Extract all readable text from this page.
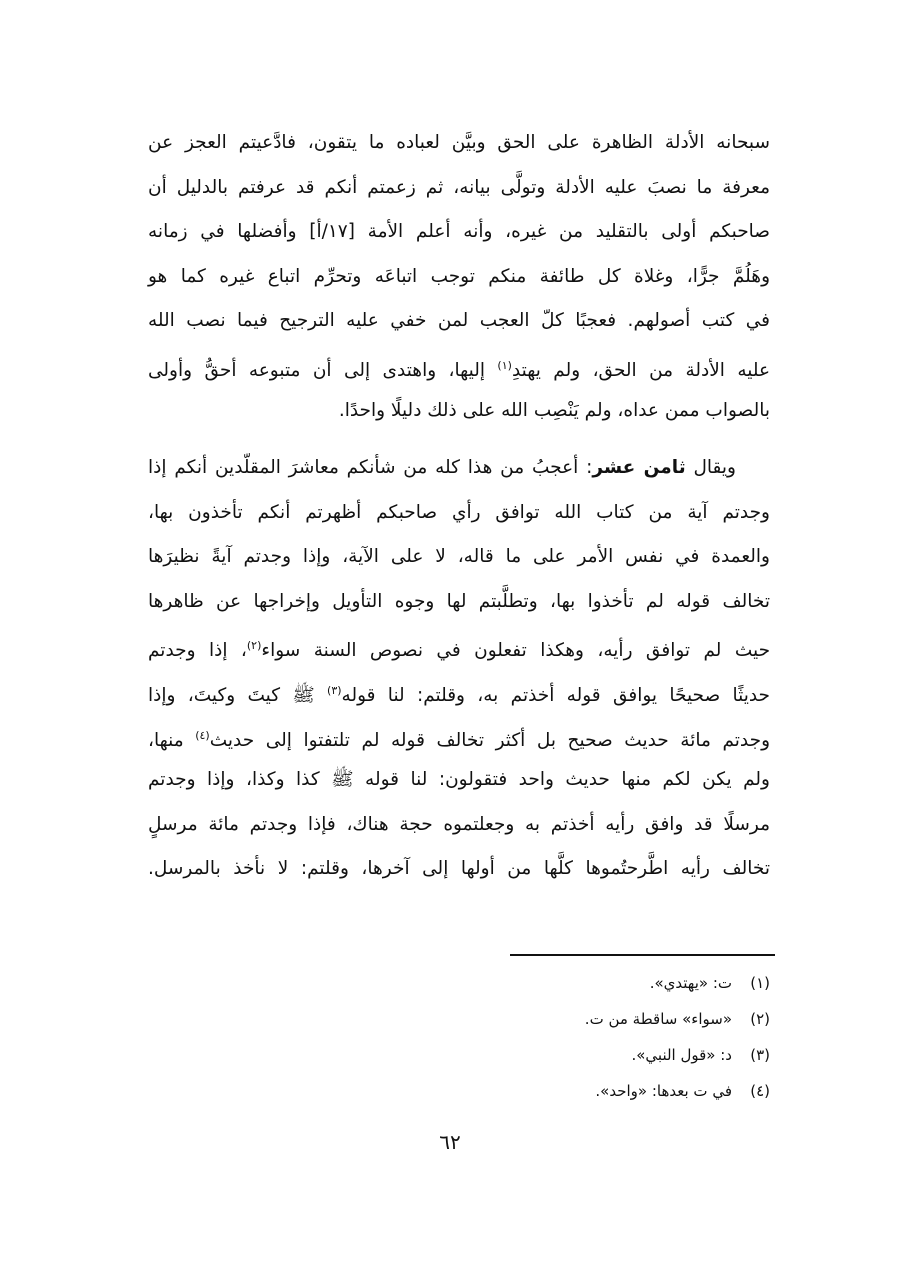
سبحانه الأدلة الظاهرة على الحق وبيَّن لعباده ما يتقون، فادَّعيتم العجز عن
معرفة ما نصبَ عليه الأدلة وتولَّى بيانه، ثم زعمتم أنكم قد عرفتم بالدليل أن
صاحبكم أولى بالتقليد من غيره، وأنه أعلم الأمة [١٧/أ] وأفضلها في زمانه
وهَلُمَّ جرًّا، وغلاة كل طائفة منكم توجب اتباعَه وتحرِّم اتباع غيره كما هو
في كتب أصولهم. فعجبًا كلّ العجب لمن خفي عليه الترجيح فيما نصب الله
عليه الأدلة من الحق، ولم يهتدِ$^{(١)}$ إليها، واهتدى إلى أن متبوعه أحقُّ وأولى
بالصواب ممن عداه، ولم يَنْصِب الله على ذلك دليلًا واحدًا.
ويقال ثامن عشر: أعجبُ من هذا كله من شأنكم معاشرَ المقلّدين أنكم إذا
وجدتم آية من كتاب الله توافق رأي صاحبكم أظهرتم أنكم تأخذون بها،
والعمدة في نفس الأمر على ما قاله، لا على الآية، وإذا وجدتم آيةً نظيرَها
تخالف قوله لم تأخذوا بها، وتطلَّبتم لها وجوه التأويل وإخراجها عن ظاهرها
حيث لم توافق رأيه، وهكذا تفعلون في نصوص السنة سواء$^{(٢)}$، إذا وجدتم
حديثًا صحيحًا يوافق قوله أخذتم به، وقلتم: لنا قوله$^{(٣)}$ ﷺ كيتَ وكيتَ، وإذا
وجدتم مائة حديث صحيح بل أكثر تخالف قوله لم تلتفتوا إلى حديث$^{(٤)}$ منها،
ولم يكن لكم منها حديث واحد فتقولون: لنا قوله ﷺ كذا وكذا، وإذا وجدتم
مرسلًا قد وافق رأيه أخذتم به وجعلتموه حجة هناك، فإذا وجدتم مائة مرسلٍ
تخالف رأيه اطَّرحتُموها كلَّها من أولها إلى آخرها، وقلتم: لا نأخذ بالمرسل.
(١)ت: «يهتدي».
(٢)«سواء» ساقطة من ت.
(٣)د: «قول النبي».
(٤)في ت بعدها: «واحد».
٦٢
